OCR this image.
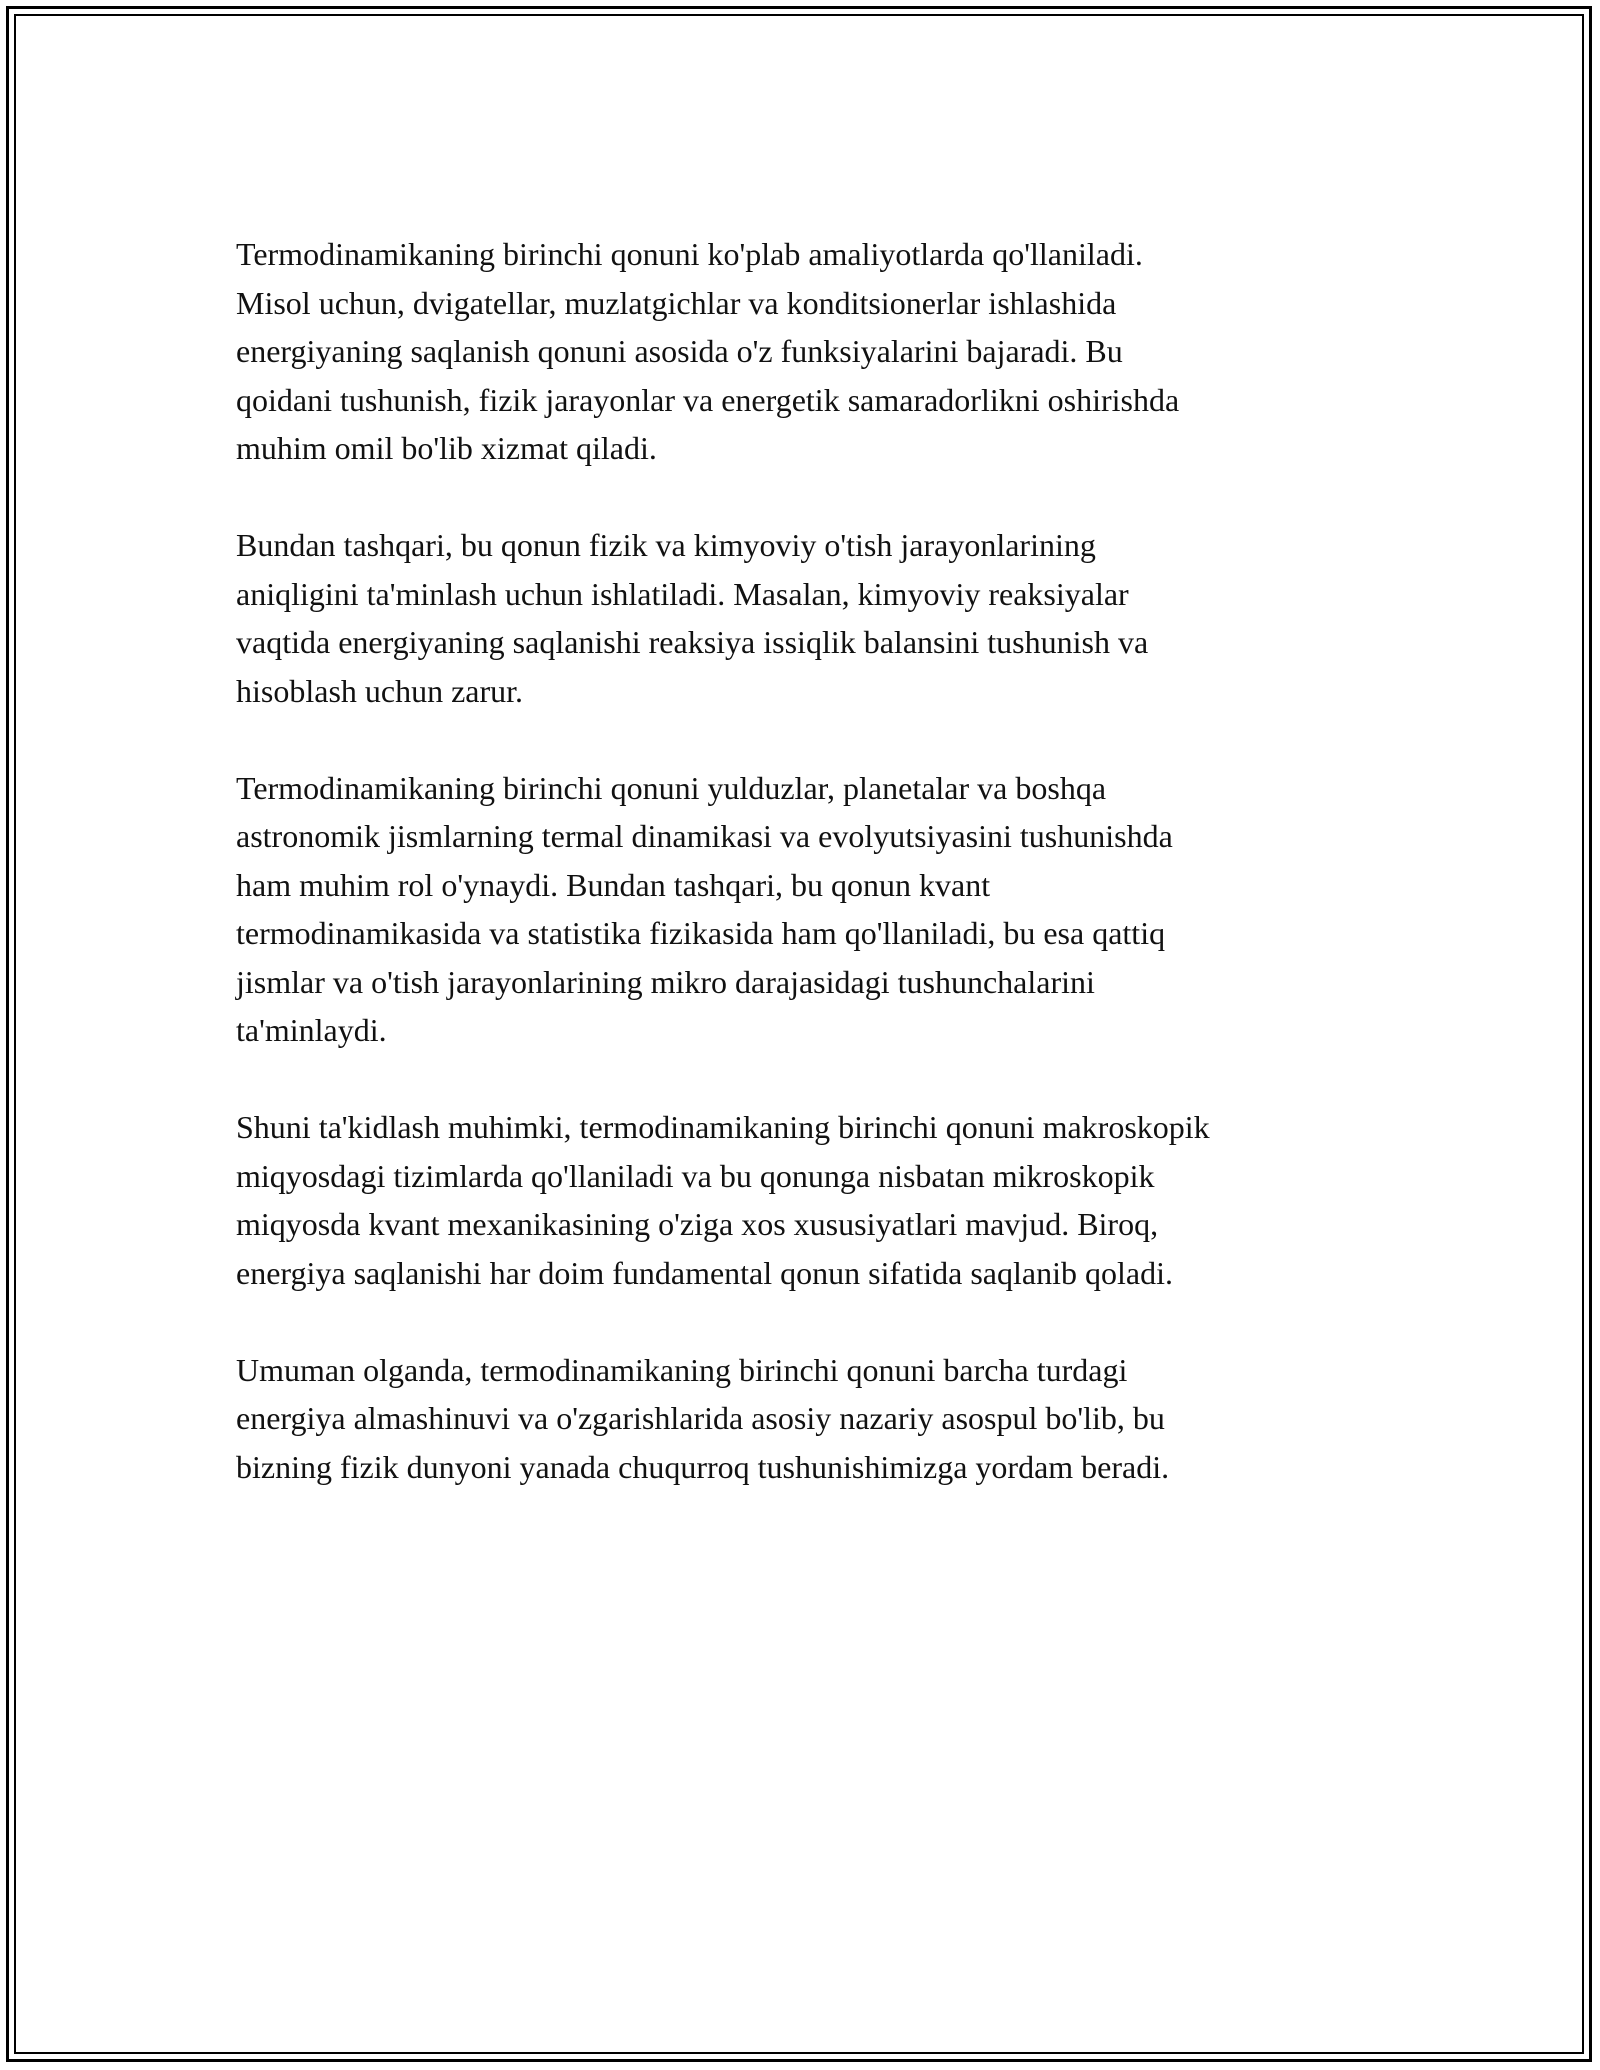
Termodinamikaning birinchi qonuni ko'plab amaliyotlarda qo'llaniladi.
Misol uchun, dvigatellar, muzlatgichlar va konditsionerlar ishlashida
energiyaning saqlanish qonuni asosida o'z funksiyalarini bajaradi. Bu
qoidani tushunish, fizik jarayonlar va energetik samaradorlikni oshirishda
muhim omil bo'lib xizmat qiladi.

Bundan tashqari, bu qonun fizik va kimyoviy o'tish jarayonlarining
aniqligini ta'minlash uchun ishlatiladi. Masalan, kimyoviy reaksiyalar
vaqtida energiyaning saqlanishi reaksiya issiqlik balansini tushunish va
hisoblash uchun zarur.

Termodinamikaning birinchi qonuni yulduzlar, planetalar va boshqa
astronomik jismlarning termal dinamikasi va evolyutsiyasini tushunishda
ham muhim rol o'ynaydi. Bundan tashqari, bu qonun kvant
termodinamikasida va statistika fizikasida ham qo'llaniladi, bu esa qattiq
jismlar va o'tish jarayonlarining mikro darajasidagi tushunchalarini
ta'minlaydi.

Shuni ta'kidlash muhimki, termodinamikaning birinchi qonuni makroskopik
miqyosdagi tizimlarda qo'llaniladi va bu qonunga nisbatan mikroskopik
miqyosda kvant mexanikasining o'ziga xos xususiyatlari mavjud. Biroq,
energiya saqlanishi har doim fundamental qonun sifatida saqlanib qoladi.

Umuman olganda, termodinamikaning birinchi qonuni barcha turdagi
energiya almashinuvi va o'zgarishlarida asosiy nazariy asospul bo'lib, bu
bizning fizik dunyoni yanada chuqurroq tushunishimizga yordam beradi.
